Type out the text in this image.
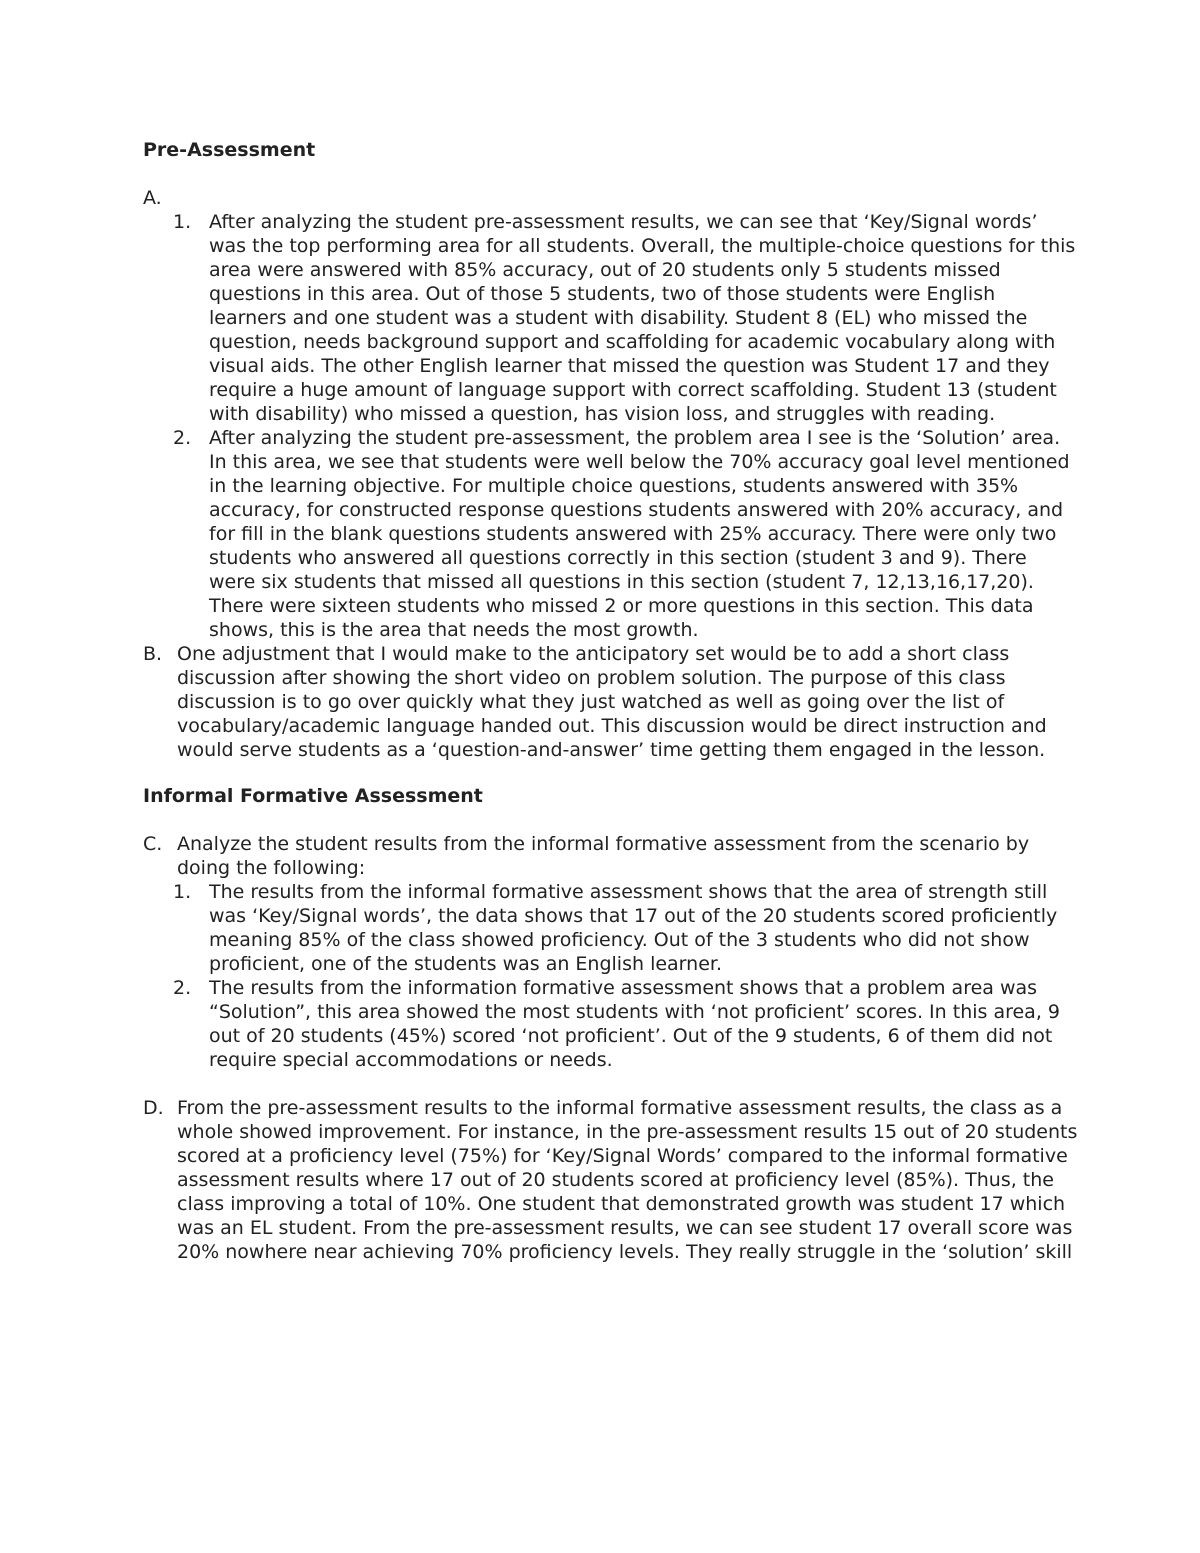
Pre-Assessment
A.

1. After analyzing the student pre-assessment results, we can see that ‘Key/Signal words’ was the top performing area for all students. Overall, the multiple-choice questions for this area were answered with 85% accuracy, out of 20 students only 5 students missed questions in this area. Out of those 5 students, two of those students were English learners and one student was a student with disability. Student 8 (EL) who missed the question, needs background support and scaffolding for academic vocabulary along with visual aids. The other English learner that missed the question was Student 17 and they require a huge amount of language support with correct scaffolding. Student 13 (student with disability) who missed a question, has vision loss, and struggles with reading.

2. After analyzing the student pre-assessment, the problem area I see is the ‘Solution’ area. In this area, we see that students were well below the 70% accuracy goal level mentioned in the learning objective. For multiple choice questions, students answered with 35% accuracy, for constructed response questions students answered with 20% accuracy, and for fill in the blank questions students answered with 25% accuracy. There were only two students who answered all questions correctly in this section (student 3 and 9). There were six students that missed all questions in this section (student 7, 12,13,16,17,20). There were sixteen students who missed 2 or more questions in this section. This data shows, this is the area that needs the most growth.

B. One adjustment that I would make to the anticipatory set would be to add a short class discussion after showing the short video on problem solution. The purpose of this class discussion is to go over quickly what they just watched as well as going over the list of vocabulary/academic language handed out. This discussion would be direct instruction and would serve students as a ‘question-and-answer’ time getting them engaged in the lesson.

Informal Formative Assessment
C. Analyze the student results from the informal formative assessment from the scenario by doing the following:

1. The results from the informal formative assessment shows that the area of strength still was ‘Key/Signal words’, the data shows that 17 out of the 20 students scored proficiently meaning 85% of the class showed proficiency. Out of the 3 students who did not show proficient, one of the students was an English learner.

2. The results from the information formative assessment shows that a problem area was “Solution”, this area showed the most students with ‘not proficient’ scores. In this area, 9 out of 20 students (45%) scored ‘not proficient’. Out of the 9 students, 6 of them did not require special accommodations or needs.

D. From the pre-assessment results to the informal formative assessment results, the class as a whole showed improvement. For instance, in the pre-assessment results 15 out of 20 students scored at a proficiency level (75%) for ‘Key/Signal Words’ compared to the informal formative assessment results where 17 out of 20 students scored at proficiency level (85%). Thus, the class improving a total of 10%. One student that demonstrated growth was student 17 which was an EL student. From the pre-assessment results, we can see student 17 overall score was 20% nowhere near achieving 70% proficiency levels. They really struggle in the ‘solution’ skill
